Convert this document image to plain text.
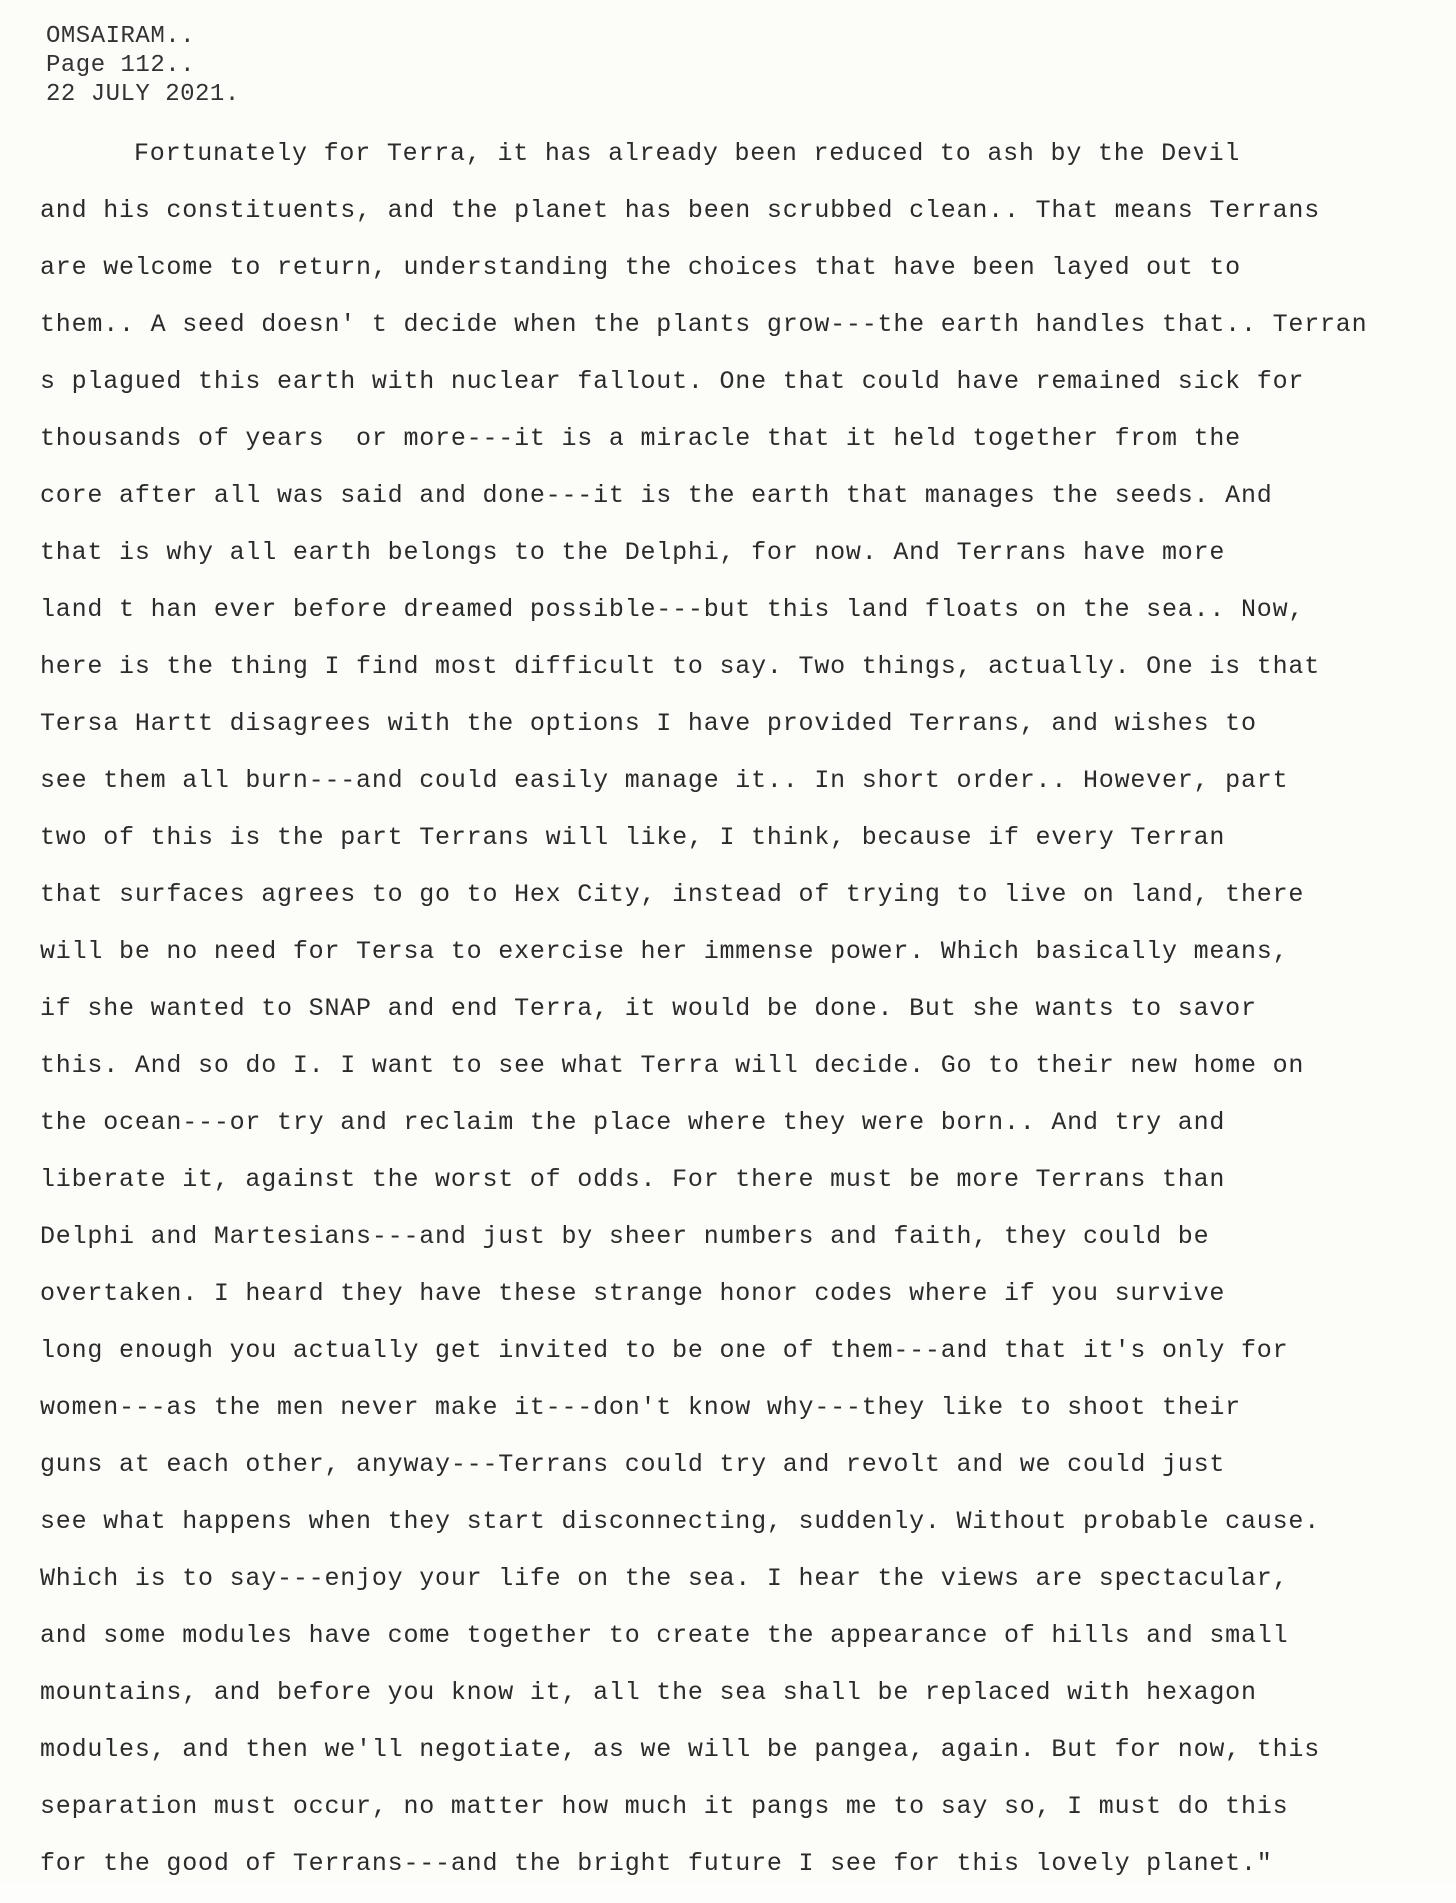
OMSAIRAM..
Page 112..
22 JULY 2021.
Fortunately for Terra, it has already been reduced to ash by the Devil
and his constituents, and the planet has been scrubbed clean.. That means Terrans
are welcome to return, understanding the choices that have been layed out to
them.. A seed doesn' t decide when the plants grow---the earth handles that.. Terran
s plagued this earth with nuclear fallout. One that could have remained sick for
thousands of years  or more---it is a miracle that it held together from the
core after all was said and done---it is the earth that manages the seeds. And
that is why all earth belongs to the Delphi, for now. And Terrans have more
land t han ever before dreamed possible---but this land floats on the sea.. Now,
here is the thing I find most difficult to say. Two things, actually. One is that
Tersa Hartt disagrees with the options I have provided Terrans, and wishes to
see them all burn---and could easily manage it.. In short order.. However, part
two of this is the part Terrans will like, I think, because if every Terran
that surfaces agrees to go to Hex City, instead of trying to live on land, there
will be no need for Tersa to exercise her immense power. Which basically means,
if she wanted to SNAP and end Terra, it would be done. But she wants to savor
this. And so do I. I want to see what Terra will decide. Go to their new home on
the ocean---or try and reclaim the place where they were born.. And try and
liberate it, against the worst of odds. For there must be more Terrans than
Delphi and Martesians---and just by sheer numbers and faith, they could be
overtaken. I heard they have these strange honor codes where if you survive
long enough you actually get invited to be one of them---and that it's only for
women---as the men never make it---don't know why---they like to shoot their
guns at each other, anyway---Terrans could try and revolt and we could just
see what happens when they start disconnecting, suddenly. Without probable cause.
Which is to say---enjoy your life on the sea. I hear the views are spectacular,
and some modules have come together to create the appearance of hills and small
mountains, and before you know it, all the sea shall be replaced with hexagon
modules, and then we'll negotiate, as we will be pangea, again. But for now, this
separation must occur, no matter how much it pangs me to say so, I must do this
for the good of Terrans---and the bright future I see for this lovely planet."
